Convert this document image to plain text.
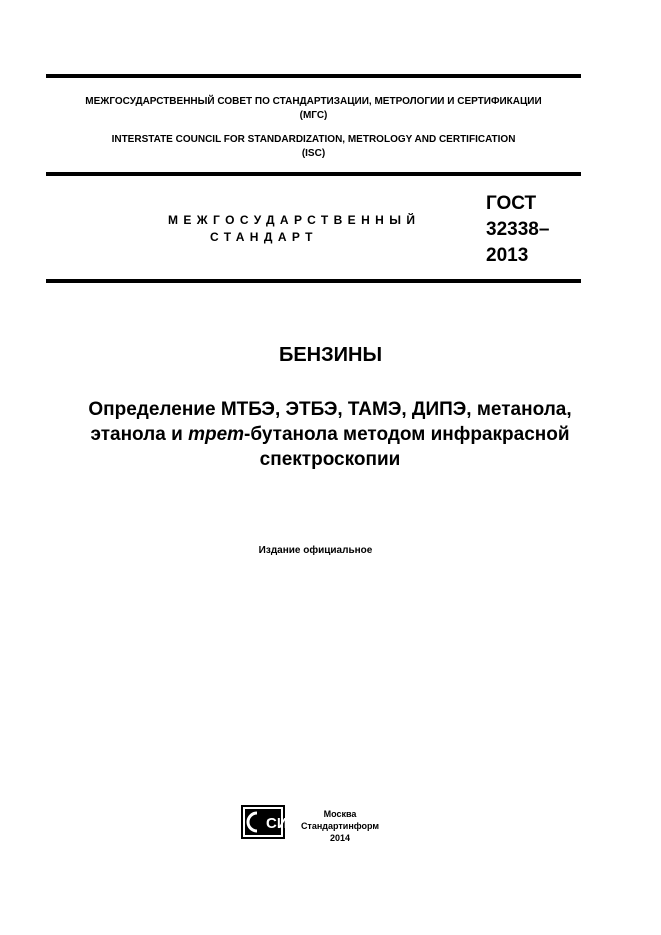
МЕЖГОСУДАРСТВЕННЫЙ СОВЕТ ПО СТАНДАРТИЗАЦИИ, МЕТРОЛОГИИ И СЕРТИФИКАЦИИ
(МГС)
INTERSTATE COUNCIL FOR STANDARDIZATION, METROLOGY AND CERTIFICATION
(ISC)
МЕЖГОСУДАРСТВЕННЫЙ
СТАНДАРТ
ГОСТ
32338–
2013
БЕНЗИНЫ
Определение МТБЭ, ЭТБЭ, ТАМЭ, ДИПЭ, метанола,
этанола и трет-бутанола методом инфракрасной
спектроскопии
Издание официальное
СИ
Москва
Стандартинформ
2014
